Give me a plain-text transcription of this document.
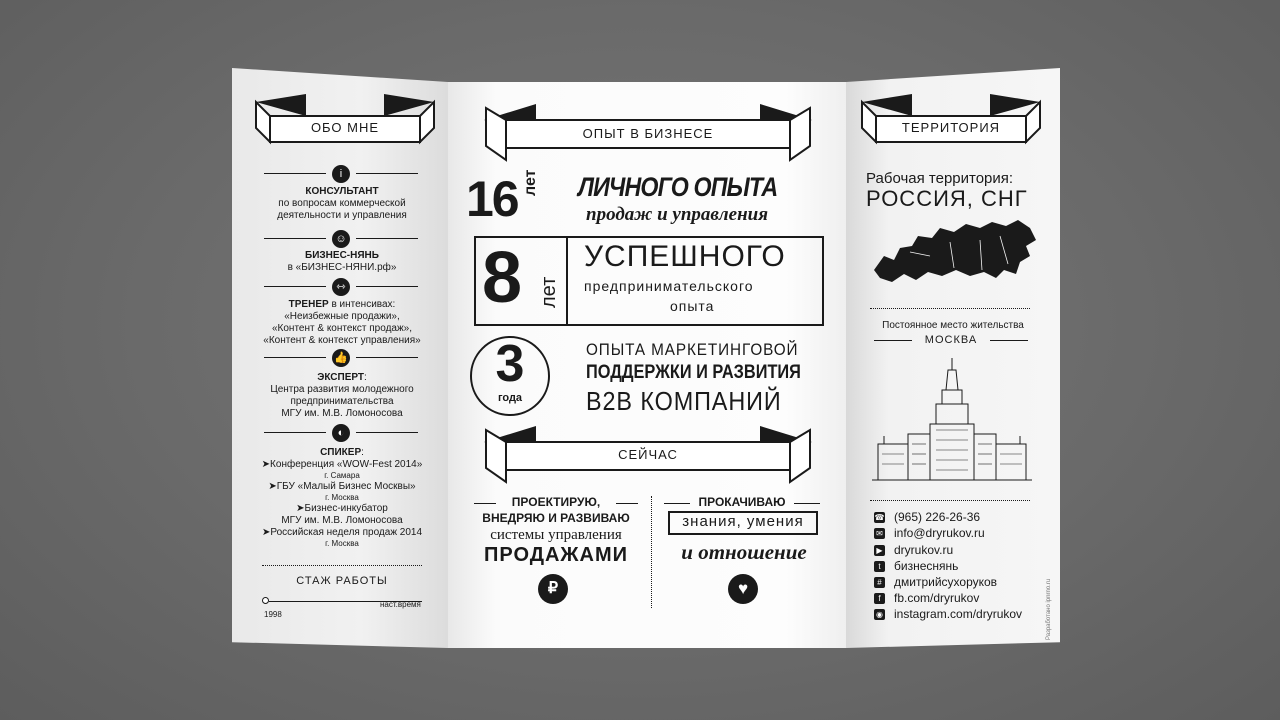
ОБО МНЕ
i
КОНСУЛЬТАНТ
по вопросам коммерческой
деятельности и управления
☺
БИЗНЕС-НЯНЬ
в «БИЗНЕС-НЯНИ.рф»
⇿
ТРЕНЕР в интенсивах:
«Неизбежные продажи»,
«Контент & контекст продаж»,
«Контент & контекст управления»
👍
ЭКСПЕРТ:
Центра развития молодежного
предпринимательства
МГУ им. М.В. Ломоносова
◐
СПИКЕР:
➤Конференция «WOW-Fest 2014»
г. Самара
➤ГБУ «Малый Бизнес Москвы»
г. Москва
➤Бизнес-инкубатор
МГУ им. М.В. Ломоносова
➤Российская неделя продаж 2014
г. Москва
СТАЖ РАБОТЫ
1998
наст.время
ОПЫТ В БИЗНЕСЕ
16 лет ЛИЧНОГО ОПЫТА
продаж и управления
8 лет
УСПЕШНОГО
предпринимательского
опыта
3
года
ОПЫТА МАРКЕТИНГОВОЙ
ПОДДЕРЖКИ И РАЗВИТИЯ
B2B КОМПАНИЙ
СЕЙЧАС
ПРОЕКТИРУЮ,
ВНЕДРЯЮ И РАЗВИВАЮ
системы управления
ПРОДАЖАМИ
₽
ПРОКАЧИВАЮ
знания, умения
и отношение
♥
ТЕРРИТОРИЯ
Рабочая территория:
РОССИЯ, СНГ
Постоянное место жительства
МОСКВА
☎ (965) 226-26-36
✉ info@dryrukov.ru
▶ dryrukov.ru
t	бизнеснянь
# дмитрийсухоруков
f	fb.com/dryrukov
◉ instagram.com/dryrukov	Разработано ipnrno.ru
